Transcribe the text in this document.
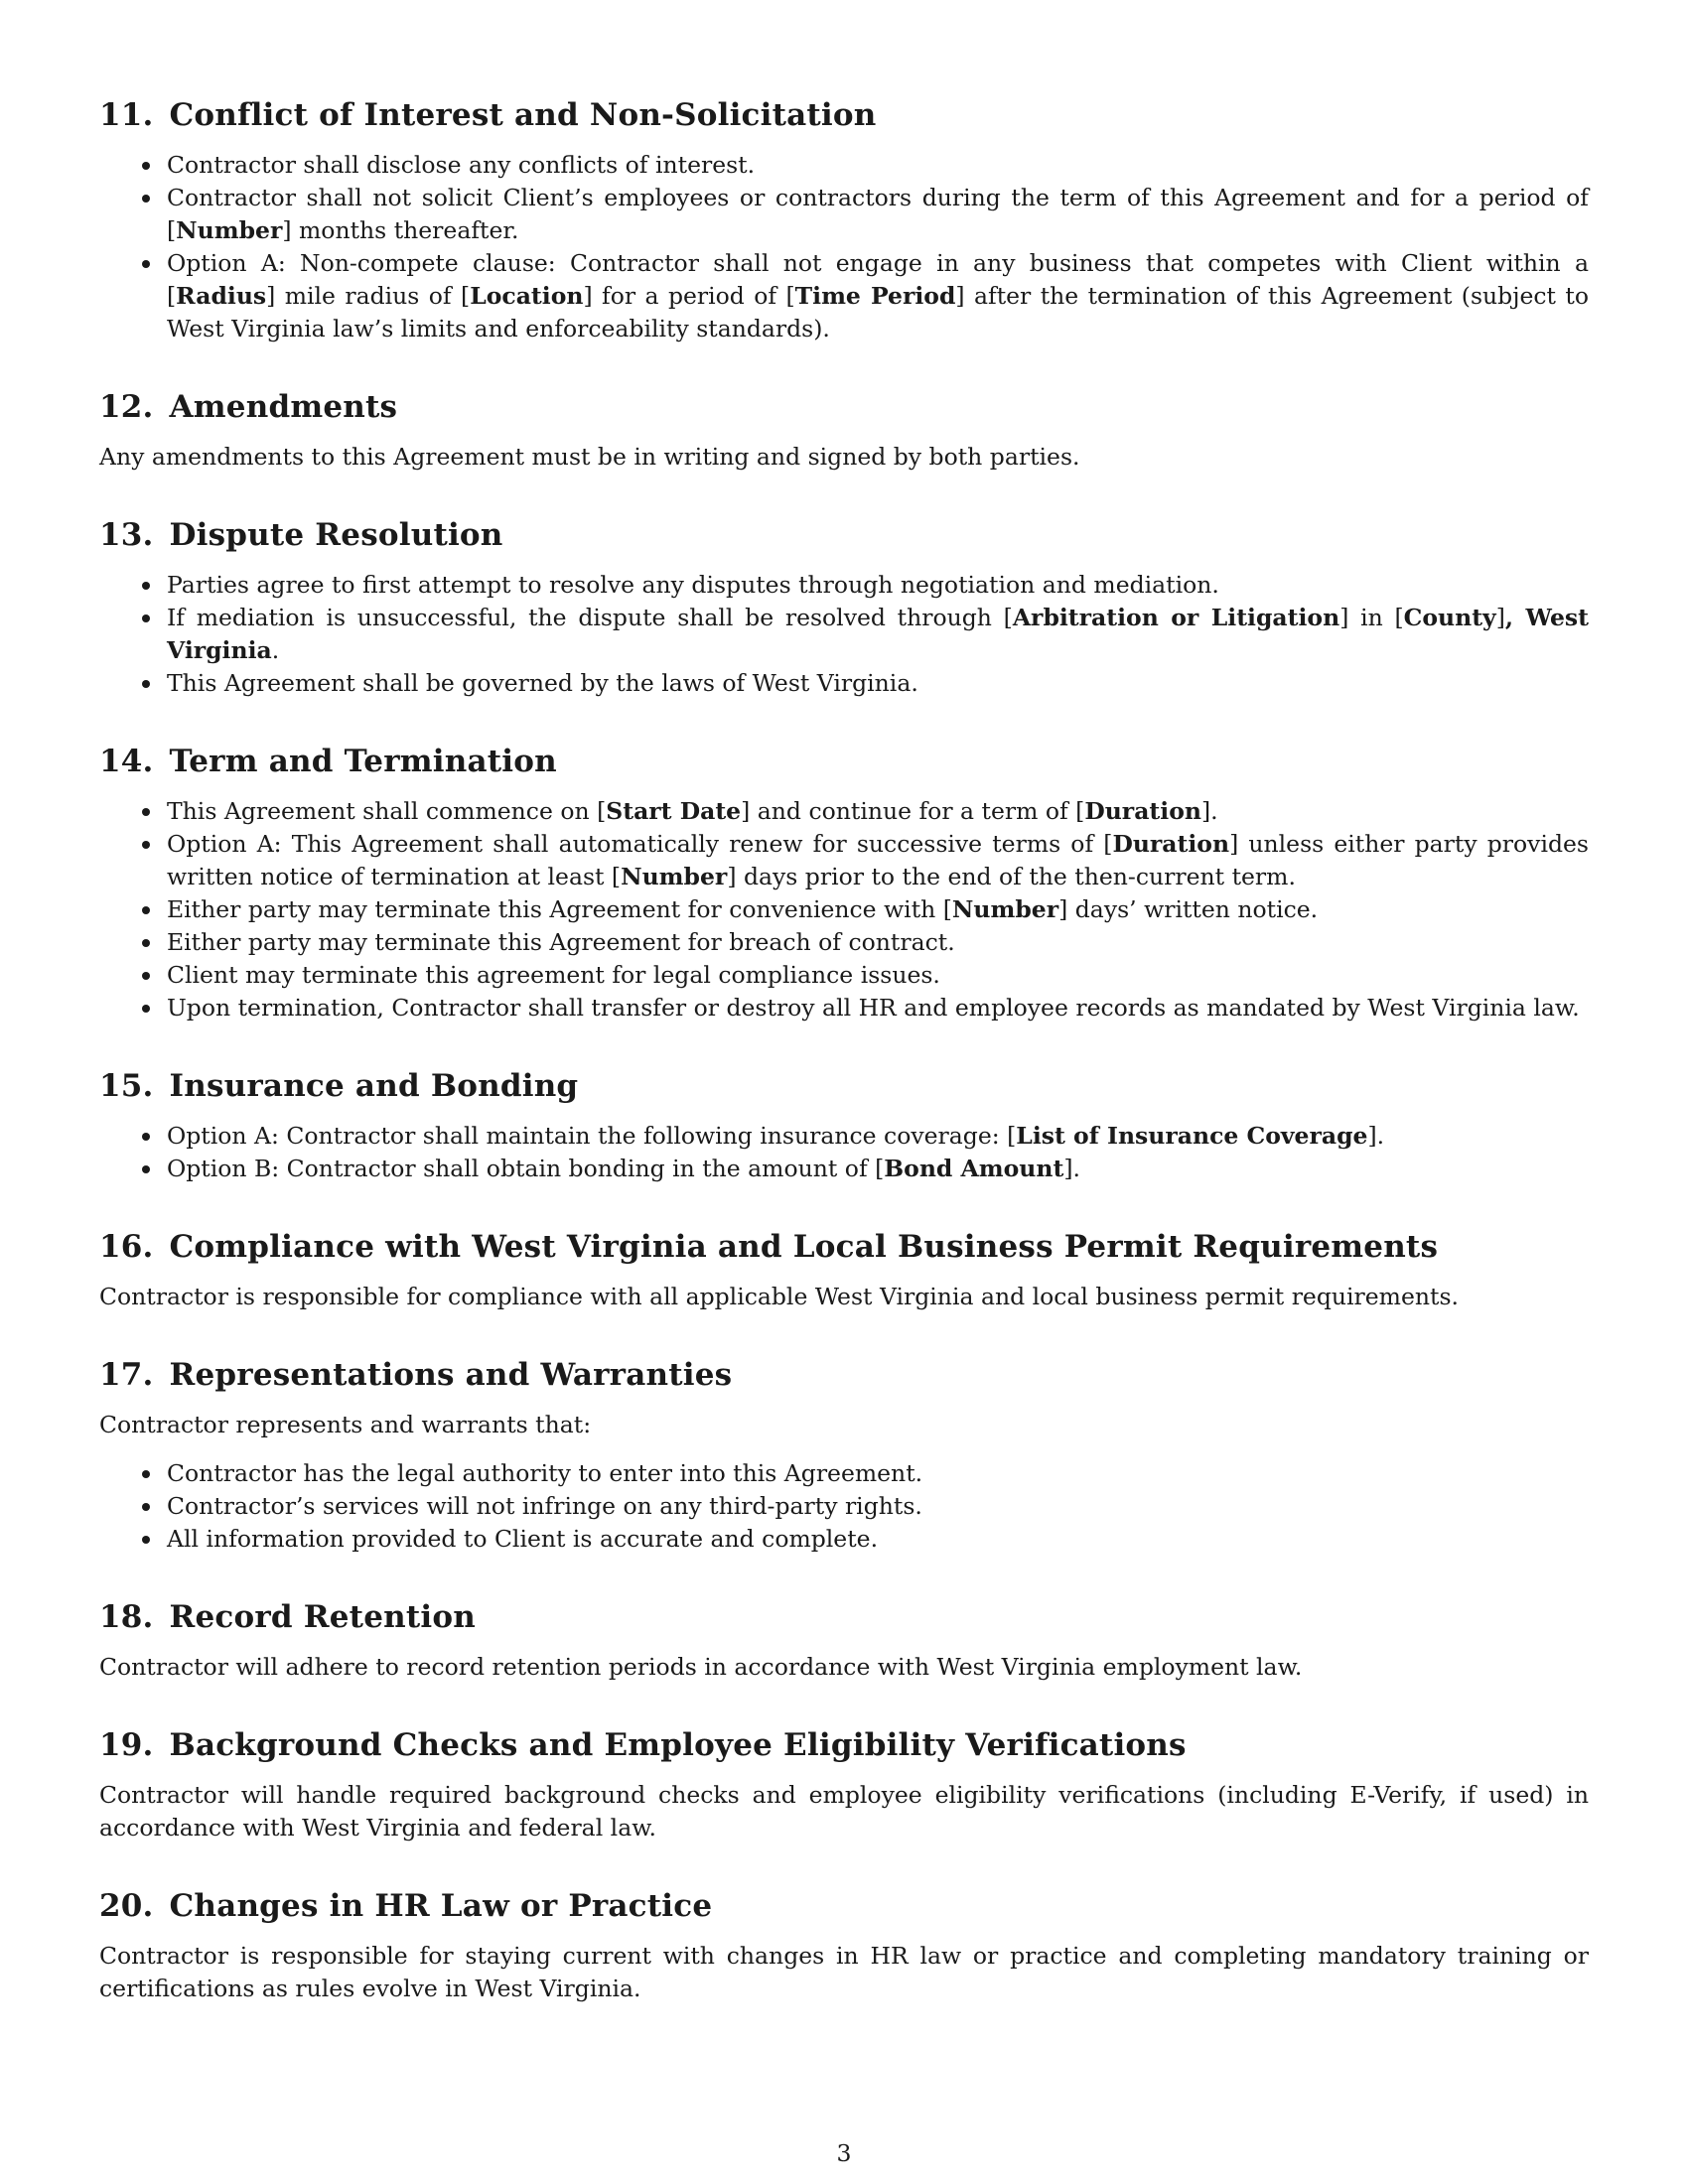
11. Conflict of Interest and Non-Solicitation
Contractor shall disclose any conflicts of interest.
Contractor shall not solicit Client’s employees or contractors during the term of this Agreement and for a period of [Number] months thereafter.
Option A: Non-compete clause: Contractor shall not engage in any business that competes with Client within a [Radius] mile radius of [Location] for a period of [Time Period] after the termination of this Agreement (subject to West Virginia law’s limits and enforceability standards).
12. Amendments

Any amendments to this Agreement must be in writing and signed by both parties.

13. Dispute Resolution
Parties agree to first attempt to resolve any disputes through negotiation and mediation.
If mediation is unsuccessful, the dispute shall be resolved through [Arbitration or Litigation] in [County], West Virginia.
This Agreement shall be governed by the laws of West Virginia.
14. Term and Termination
This Agreement shall commence on [Start Date] and continue for a term of [Duration].
Option A: This Agreement shall automatically renew for successive terms of [Duration] unless either party provides written notice of termination at least [Number] days prior to the end of the then-current term.
Either party may terminate this Agreement for convenience with [Number] days’ written notice.
Either party may terminate this Agreement for breach of contract.
Client may terminate this agreement for legal compliance issues.
Upon termination, Contractor shall transfer or destroy all HR and employee records as mandated by West Virginia law.
15. Insurance and Bonding
Option A: Contractor shall maintain the following insurance coverage: [List of Insurance Coverage].
Option B: Contractor shall obtain bonding in the amount of [Bond Amount].
16. Compliance with West Virginia and Local Business Permit Requirements

Contractor is responsible for compliance with all applicable West Virginia and local business permit requirements.

17. Representations and Warranties

Contractor represents and warrants that:

Contractor has the legal authority to enter into this Agreement.
Contractor’s services will not infringe on any third-party rights.
All information provided to Client is accurate and complete.
18. Record Retention

Contractor will adhere to record retention periods in accordance with West Virginia employment law.

19. Background Checks and Employee Eligibility Verifications

Contractor will handle required background checks and employee eligibility verifications (including E-Verify, if used) in accordance with West Virginia and federal law.

20. Changes in HR Law or Practice

Contractor is responsible for staying current with changes in HR law or practice and completing mandatory training or certifications as rules evolve in West Virginia.

3
